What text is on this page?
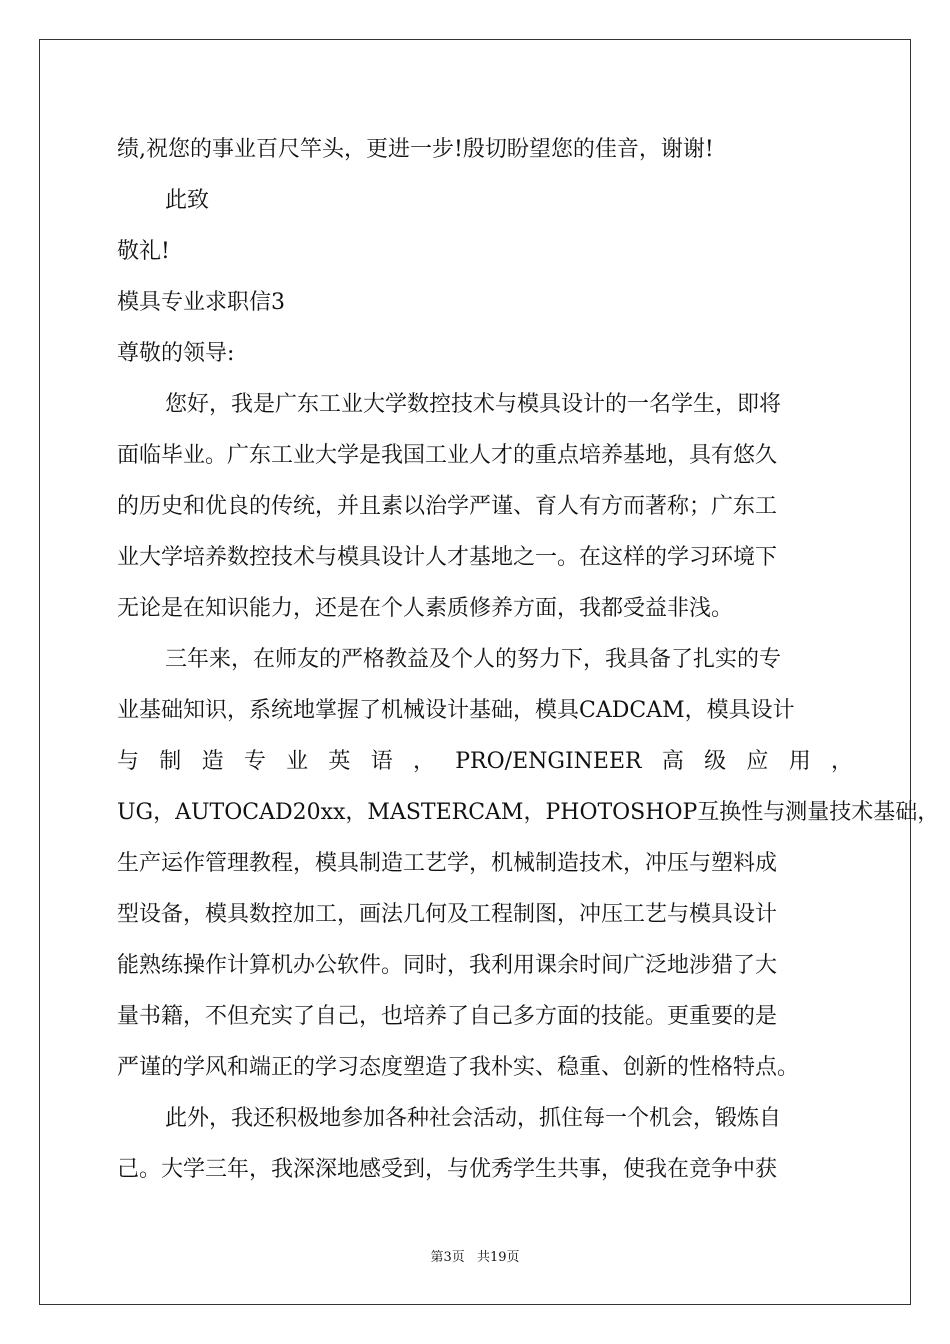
绩,祝您的事业百尺竿头，更进一步!殷切盼望您的佳音，谢谢!
此致
敬礼!
模具专业求职信3
尊敬的领导:
您好，我是广东工业大学数控技术与模具设计的一名学生，即将
面临毕业。广东工业大学是我国工业人才的重点培养基地，具有悠久
的历史和优良的传统，并且素以治学严谨、育人有方而著称；广东工
业大学培养数控技术与模具设计人才基地之一。在这样的学习环境下
无论是在知识能力，还是在个人素质修养方面，我都受益非浅。
三年来，在师友的严格教益及个人的努力下，我具备了扎实的专
业基础知识，系统地掌握了机械设计基础，模具CADCAM，模具设计
与 制 造 专 业 英 语 ， PRO/ENGINEER 高 级 应 用 ，
UG，AUTOCAD20xx，MASTERCAM，PHOTOSHOP互换性与测量技术基础，
生产运作管理教程，模具制造工艺学，机械制造技术，冲压与塑料成
型设备，模具数控加工，画法几何及工程制图，冲压工艺与模具设计
能熟练操作计算机办公软件。同时，我利用课余时间广泛地涉猎了大
量书籍，不但充实了自己，也培养了自己多方面的技能。更重要的是
严谨的学风和端正的学习态度塑造了我朴实、稳重、创新的性格特点。
此外，我还积极地参加各种社会活动，抓住每一个机会，锻炼自
己。大学三年，我深深地感受到，与优秀学生共事，使我在竞争中获
第3页 共19页
